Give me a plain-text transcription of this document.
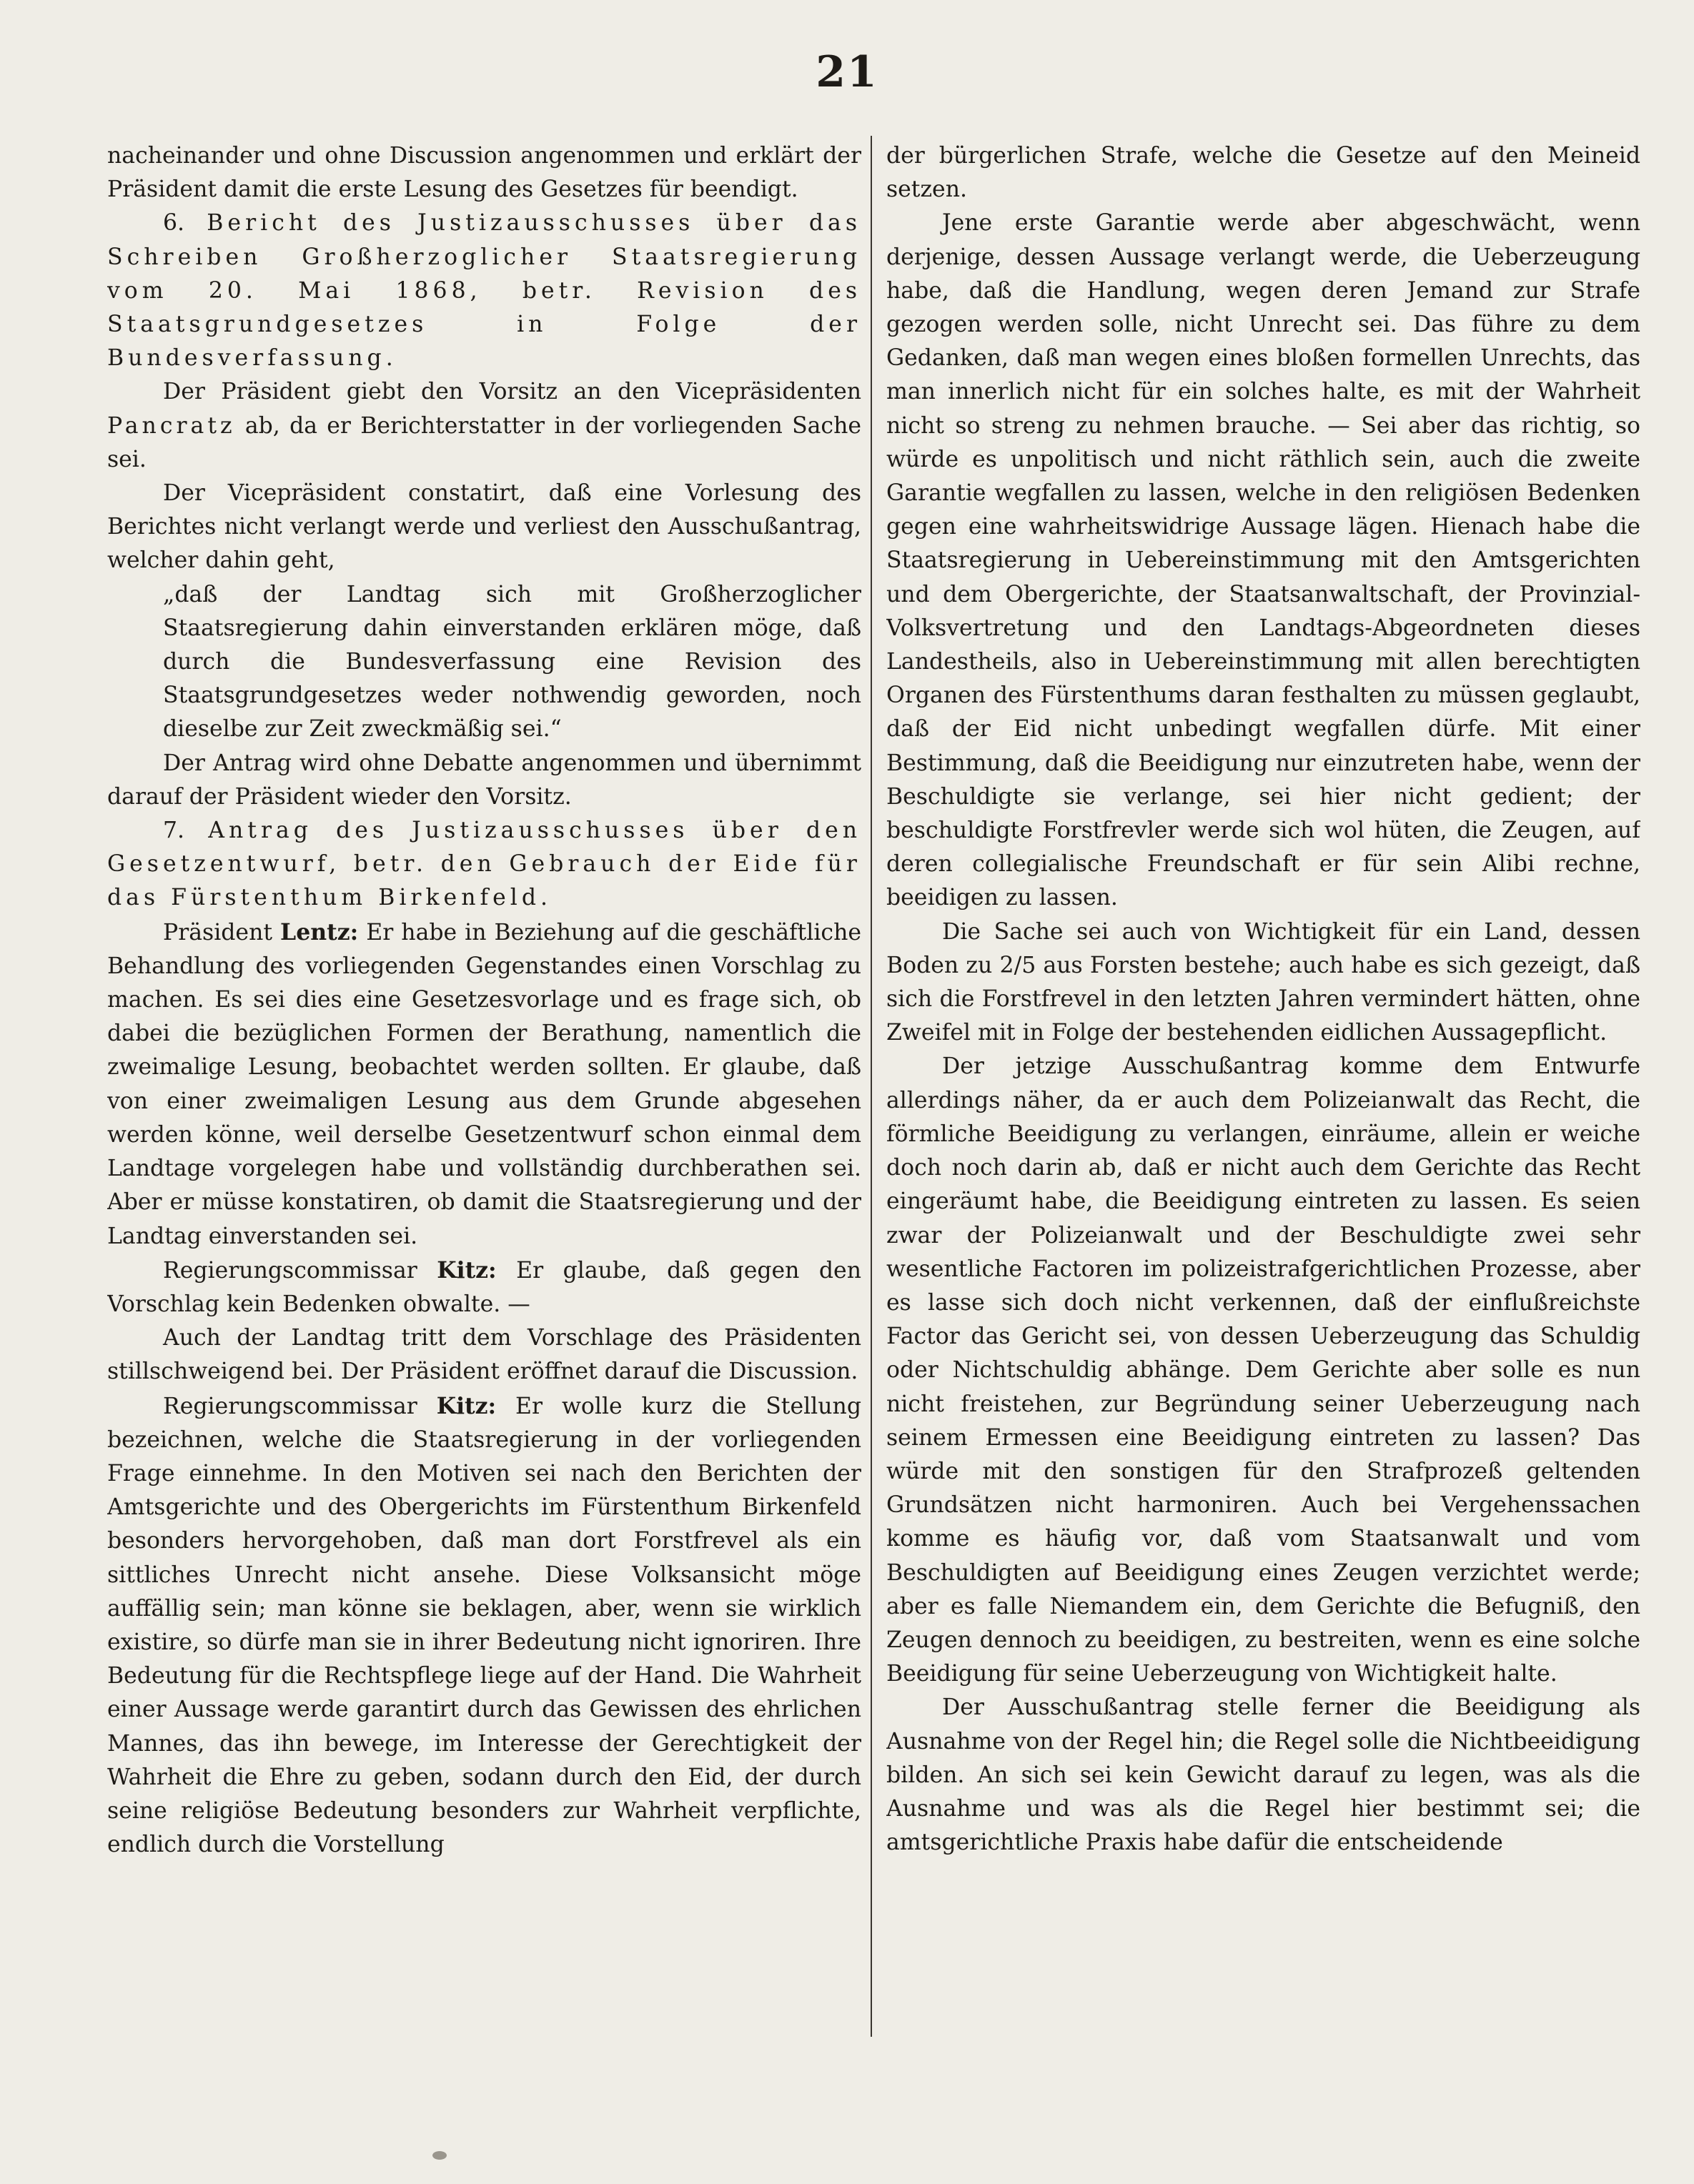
21

nacheinander und ohne Discussion angenommen und erklärt der Präsident damit die erste Lesung des Gesetzes für beendigt.

6. Bericht des Justizausschusses über das Schreiben Großherzoglicher Staatsregierung vom 20. Mai 1868, betr. Revision des Staatsgrundgesetzes in Folge der Bundesverfassung.

Der Präsident giebt den Vorsitz an den Vicepräsidenten Pancratz ab, da er Berichterstatter in der vorliegenden Sache sei.

Der Vicepräsident constatirt, daß eine Vorlesung des Berichtes nicht verlangt werde und verliest den Ausschußantrag, welcher dahin geht,

„daß der Landtag sich mit Großherzoglicher Staatsregierung dahin einverstanden erklären möge, daß durch die Bundesverfassung eine Revision des Staatsgrundgesetzes weder nothwendig geworden, noch dieselbe zur Zeit zweckmäßig sei.“

Der Antrag wird ohne Debatte angenommen und übernimmt darauf der Präsident wieder den Vorsitz.

7. Antrag des Justizausschusses über den Gesetzentwurf, betr. den Gebrauch der Eide für das Fürstenthum Birkenfeld.

Präsident Lentz: Er habe in Beziehung auf die geschäftliche Behandlung des vorliegenden Gegenstandes einen Vorschlag zu machen. Es sei dies eine Gesetzesvorlage und es frage sich, ob dabei die bezüglichen Formen der Berathung, namentlich die zweimalige Lesung, beobachtet werden sollten. Er glaube, daß von einer zweimaligen Lesung aus dem Grunde abgesehen werden könne, weil derselbe Gesetzentwurf schon einmal dem Landtage vorgelegen habe und vollständig durchberathen sei. Aber er müsse konstatiren, ob damit die Staatsregierung und der Landtag einverstanden sei.

Regierungscommissar Kitz: Er glaube, daß gegen den Vorschlag kein Bedenken obwalte. —

Auch der Landtag tritt dem Vorschlage des Präsidenten stillschweigend bei. Der Präsident eröffnet darauf die Discussion.

Regierungscommissar Kitz: Er wolle kurz die Stellung bezeichnen, welche die Staatsregierung in der vorliegenden Frage einnehme. In den Motiven sei nach den Berichten der Amtsgerichte und des Obergerichts im Fürstenthum Birkenfeld besonders hervorgehoben, daß man dort Forstfrevel als ein sittliches Unrecht nicht ansehe. Diese Volksansicht möge auffällig sein; man könne sie beklagen, aber, wenn sie wirklich existire, so dürfe man sie in ihrer Bedeutung nicht ignoriren. Ihre Bedeutung für die Rechtspflege liege auf der Hand. Die Wahrheit einer Aussage werde garantirt durch das Gewissen des ehrlichen Mannes, das ihn bewege, im Interesse der Gerechtigkeit der Wahrheit die Ehre zu geben, sodann durch den Eid, der durch seine religiöse Bedeutung besonders zur Wahrheit verpflichte, endlich durch die Vorstellung

der bürgerlichen Strafe, welche die Gesetze auf den Meineid setzen.

Jene erste Garantie werde aber abgeschwächt, wenn derjenige, dessen Aussage verlangt werde, die Ueberzeugung habe, daß die Handlung, wegen deren Jemand zur Strafe gezogen werden solle, nicht Unrecht sei. Das führe zu dem Gedanken, daß man wegen eines bloßen formellen Unrechts, das man innerlich nicht für ein solches halte, es mit der Wahrheit nicht so streng zu nehmen brauche. — Sei aber das richtig, so würde es unpolitisch und nicht räthlich sein, auch die zweite Garantie wegfallen zu lassen, welche in den religiösen Bedenken gegen eine wahrheitswidrige Aussage lägen. Hienach habe die Staatsregierung in Uebereinstimmung mit den Amtsgerichten und dem Obergerichte, der Staatsanwaltschaft, der Provinzial-Volksvertretung und den Landtags-Abgeordneten dieses Landestheils, also in Uebereinstimmung mit allen berechtigten Organen des Fürstenthums daran festhalten zu müssen geglaubt, daß der Eid nicht unbedingt wegfallen dürfe. Mit einer Bestimmung, daß die Beeidigung nur einzutreten habe, wenn der Beschuldigte sie verlange, sei hier nicht gedient; der beschuldigte Forstfrevler werde sich wol hüten, die Zeugen, auf deren collegialische Freundschaft er für sein Alibi rechne, beeidigen zu lassen.

Die Sache sei auch von Wichtigkeit für ein Land, dessen Boden zu 2/5 aus Forsten bestehe; auch habe es sich gezeigt, daß sich die Forstfrevel in den letzten Jahren vermindert hätten, ohne Zweifel mit in Folge der bestehenden eidlichen Aussagepflicht.

Der jetzige Ausschußantrag komme dem Entwurfe allerdings näher, da er auch dem Polizeianwalt das Recht, die förmliche Beeidigung zu verlangen, einräume, allein er weiche doch noch darin ab, daß er nicht auch dem Gerichte das Recht eingeräumt habe, die Beeidigung eintreten zu lassen. Es seien zwar der Polizeianwalt und der Beschuldigte zwei sehr wesentliche Factoren im polizeistrafgerichtlichen Prozesse, aber es lasse sich doch nicht verkennen, daß der einflußreichste Factor das Gericht sei, von dessen Ueberzeugung das Schuldig oder Nichtschuldig abhänge. Dem Gerichte aber solle es nun nicht freistehen, zur Begründung seiner Ueberzeugung nach seinem Ermessen eine Beeidigung eintreten zu lassen? Das würde mit den sonstigen für den Strafprozeß geltenden Grundsätzen nicht harmoniren. Auch bei Vergehenssachen komme es häufig vor, daß vom Staatsanwalt und vom Beschuldigten auf Beeidigung eines Zeugen verzichtet werde; aber es falle Niemandem ein, dem Gerichte die Befugniß, den Zeugen dennoch zu beeidigen, zu bestreiten, wenn es eine solche Beeidigung für seine Ueberzeugung von Wichtigkeit halte.

Der Ausschußantrag stelle ferner die Beeidigung als Ausnahme von der Regel hin; die Regel solle die Nichtbeeidigung bilden. An sich sei kein Gewicht darauf zu legen, was als die Ausnahme und was als die Regel hier bestimmt sei; die amtsgerichtliche Praxis habe dafür die entscheidende
